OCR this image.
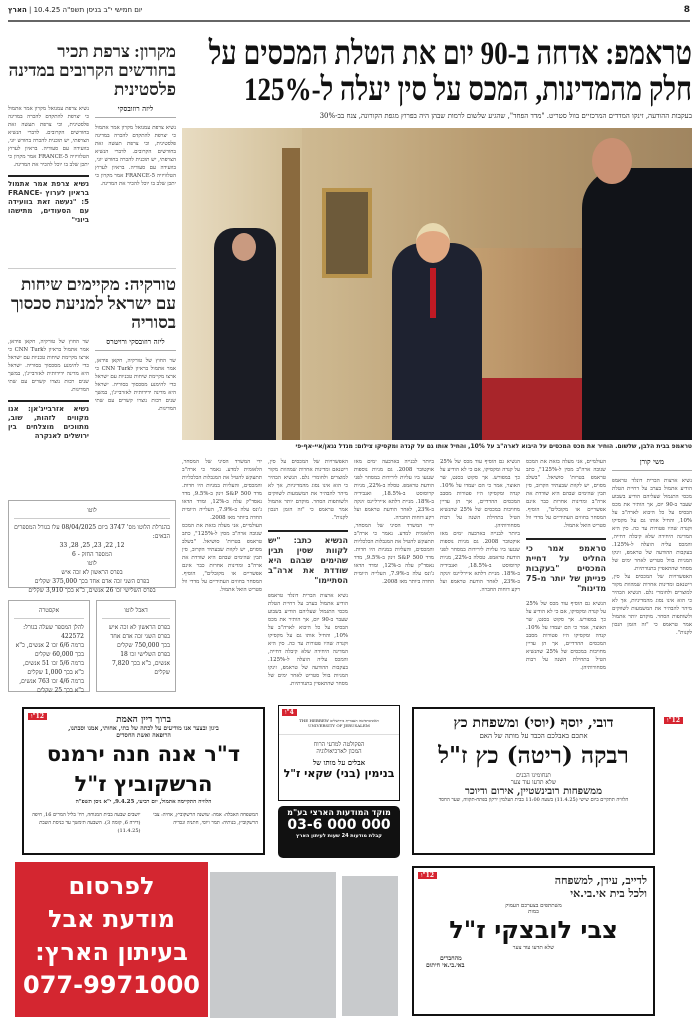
8
יום חמישי י"ב בניסן תשפ"ה 10.4.25 | הארץ
טראמפ: אדחה ב-90 יום את הטלת המכסים על חלק מהמדינות, המכס על סין יעלה ל-125%
בעקבות ההודעה, זינקו המדדים המרכזיים בוול סטריט. "מדד הפחד", שהגיע שלשום לרמות שבהן היה בפרוץ מגפת הקורונה, צנח בב-30%
טראמפ בבית הלבן, שלשום. הוחיר את מכס המכסים על היבוא לארה"ב על 10%, והחיל אותו גם על קנדה ומקסיקו צילום: מנדל נגאן/איי-אף-פי
משי קורן

נשיא ארצות הברית דונלד טראמפ הודיע אתמול בערב על דחיית הטלת מכסי התגמול שעליהם הודיע בשבוע שעבר ב-90 יום, אך הותיר את מכס הבסיס על כל היבוא לארה"ב על 10%, והחיל אותו גם על מקסיקו וקנדה שהיו פטורות עד כה. סין היא המדינה היחידה שלא קיבלה דחייה, והמכס עליה הועלה ל-125%. בעקבות ההודעה של טראמפ, זינקו המניות בוול סטריט לאחר ימים של מסחר שהתאפיין בתנודתיות.

האפשרויות של המכסים על סין, וייטנאם ומדינות אחרות שמהוות מקור למוצרים ולחומרי גלם. הנשיא הבהיר כי הוא אינו נסוג מהמדיניות, אך לא מיהר להבהיר את המשמעות לשווקים ולשותפות הסחר. מוקדם יותר אתמול אמר טראמפ כי "זה הזמן הנכון לקנות".

העולמיים, אני מעלה בזאת את המכס שגובה ארה"ב מסין ל-125%", כתב טראמפ בטרות' סושיאל. "בשלב מסוים, יש לקוות שבעתיד הקרוב, סין תבין שהימים שבהם היא שודדת את ארה"ב ומדינות אחרות כבר אינם אפשריים או מקובלים", הוסיף. המסחר בחוזים העתידיים על מדדי וול סטריט הואל אתמול.

טראמפ אמר כי החליט על דחיית המכסים "בעקבות פנייתן של יותר מ-75 מדינות"

הנשיא גם הוסיף עוד מכס של 25% על קנדה ומקסיקו, אם כי לא הודיע על כך במפורש. אך סקוט בסנט, שר האוצר, אמר כי הם יעמדו על 10%. קנדה ומקסיקו היו פטורות מסבב המכסים ההדדיים, אך הן עדיין מחויבות במכסים של 25% שהנשיא הטיל בתחילת השנה על רבות מסחורותיהן.

הנשיא גם הוסיף עוד מכס של 25% על קנדה ומקסיקו, אם כי לא הודיע על כך במפורש. אך סקוט בסנט, שר האוצר, אמר כי הם יעמדו על 10%. קנדה ומקסיקו היו פטורות מסבב המכסים ההדדיים, אך הן עדיין מחויבות במכסים של 25% שהנשיא הטיל בתחילת השנה על רבות מסחורותיהן.

ביותר לבנייה בארבעה ימים מאז אוקטובר 2008. גם מניות נוספות שנגעו ביו עליות לירידות במסחר לפני הודעת טראמפ. טסלה ב-22%, מניות קרוסוסט ב-18.5%, ואנבידיה ב-18%. מניית דלתא איירליינס זינקה ב-23%, לאחר הודעת טראמפ ועל רקע דוחות החברה.

ביותר לבנייה בארבעה ימים מאז אוקטובר 2008. גם מניות נוספות שנגעו ביו עליות לירידות במסחר לפני הודעת טראמפ. טסלה ב-22%, מניות קרוסוסט ב-18.5%, ואנבידיה ב-18%. מניית דלתא איירליינס זינקה ב-23%, לאחר הודעת טראמפ ועל רקע דוחות החברה.

ידי המשרד הסיני של המסחר, הלאומית למדע. נאמר כי ארה"ב תתעקש להטיל את המגבלות הכלכליות והמכסים, והעליות במניות היו חדות. מדד S&P 500 זינק ב-9.5%, מדד נאסד"ק עלה ב-12%, ומדד הדאו ג'ונס עלה ב-7.9%, העלייה היומית החדה ביותר מאז 2008.

האפשרויות של המכסים על סין, וייטנאם ומדינות אחרות שמהוות מקור למוצרים ולחומרי גלם. הנשיא הבהיר כי הוא אינו נסוג מהמדיניות, אך לא מיהר להבהיר את המשמעות לשווקים ולשותפות הסחר. מוקדם יותר אתמול אמר טראמפ כי "זה הזמן הנכון לקנות".

הנשיא כתב: "יש לקוות שסין תבין שהימים שבהם היא שודדת את ארה"ב הסתיימו"

נשיא ארצות הברית דונלד טראמפ הודיע אתמול בערב על דחיית הטלת מכסי התגמול שעליהם הודיע בשבוע שעבר ב-90 יום, אך הותיר את מכס הבסיס על כל היבוא לארה"ב על 10%, והחיל אותו גם על מקסיקו וקנדה שהיו פטורות עד כה. סין היא המדינה היחידה שלא קיבלה דחייה, והמכס עליה הועלה ל-125%. בעקבות ההודעה של טראמפ, זינקו המניות בוול סטריט לאחר ימים של מסחר שהתאפיין בתנודתיות.

ידי המשרד הסיני של המסחר, הלאומית למדע. נאמר כי ארה"ב תתעקש להטיל את המגבלות הכלכליות והמכסים, והעליות במניות היו חדות. מדד S&P 500 זינק ב-9.5%, מדד נאסד"ק עלה ב-12%, ומדד הדאו ג'ונס עלה ב-7.9%, העלייה היומית החדה ביותר מאז 2008.

העולמיים, אני מעלה בזאת את המכס שגובה ארה"ב מסין ל-125%", כתב טראמפ בטרות' סושיאל. "בשלב מסוים, יש לקוות שבעתיד הקרוב, סין תבין שהימים שבהם היא שודדת את ארה"ב ומדינות אחרות כבר אינם אפשריים או מקובלים", הוסיף. המסחר בחוזים העתידיים על מדדי וול סטריט הואל אתמול.

מקרון: צרפת תכיר בחודשים הקרובים במדינה פלסטינית
ליזה רוזובסקי

נשיא צרפת עמנואל מקרון אמר אתמול כי יצרפת להתקדם להכרה במדינה פלסטינית, וכי צרפת תעשה זאת בחודשים הקרובים. לדברי הנשיא הצרפתי, יש תוכנית להכרה בחודש יוני, בוועידה עם סעודיה. בראיון לערוץ הטלוויזיה FRANCE-5 אמר מקרון כי יתכן שלב בו יוכל להכיר את המדינה.

נשיא צרפת עמנואל מקרון אמר אתמול כי יצרפת להתקדם להכרה במדינה פלסטינית, וכי צרפת תעשה זאת בחודשים הקרובים. לדברי הנשיא הצרפתי, יש תוכנית להכרה בחודש יוני, בוועידה עם סעודיה. בראיון לערוץ הטלוויזיה FRANCE-5 אמר מקרון כי יתכן שלב בו יוכל להכיר את המדינה.

נשיא צרפת אמר אתמול בראיון לערוץ FRANCE-5: "נעשה זאת בוועידה עם הסעודים, מתישהו ביוני"
טורקיה: מקיימים שיחות עם ישראל למניעת סכסוך בסוריה
ליזה רוזובסקי ורויטרס

שר החוץ של טורקיה, חקאן פידאן, אמר אתמול בראיון לCNN Turk כי ארצו מקיימת שיחות טכניות עם ישראל כדי להימנע מסכסוך בסוריה. ישראל היא מדינה ידידותית לאזרבייג'ן, במשך שנים רבות נוצרו קשרים עם שתי המדינות.

שר החוץ של טורקיה, חקאן פידאן, אמר אתמול בראיון לCNN Turk כי ארצו מקיימת שיחות טכניות עם ישראל כדי להימנע מסכסוך בסוריה. ישראל היא מדינה ידידותית לאזרבייג'ן, במשך שנים רבות נוצרו קשרים עם שתי המדינות.

נשיא אזרבייג'אן: אנו מקווים לזהות, שוב, מתווכים מוצלחים בין ירושלים לאנקרה
לוטו
בהגרלת הלוטו מס' 3747 ביום 08/04/2025 עלו בגורל המספרים הבאים:
12, 22, 23, 25, 28, 33
המספר החזק - 6
לוטו
בפרס הראשון לא זכה איש
בפרס השני זכה אדם אחד בכך 375,000 שקלים
בפרס השלישי זכו 26 אנשים, כ"א בכך 3,910 שקלים
דאבל לוטו
בפרס הראשון לא זכה איש
בפרס השני זכה אדם אחד בכך 750,000 שקלים
בפרס השלישי זכו 18 אנשים, כ"א בכך 7,820 שקלים
אקסטרה
להלן המספר שעלה בגורל: 422572
ברמה 6/6 זכו 2 אנשים, כ"א בכך 60,000 שקלים
ברמה 5/6 זכו 51 אנשים, כ"א בכך 1,000 שקלים
ברמה 4/6 זכו 763 אנשים, כ"א בכך 25 שקלים
12"ו	ברוך דיין האמת
ביגון ובצער אנו מודיעים על לכתה של בתי, אחותי, אמנו וסבתנו,
הרופאה ואשת החסדים
ד"ר אנה חנה ירמנס הרשקוביץ ז"ל
הלוויה התקיימה אתמול, יום רביעי, 9.4.25, י"א ניסן תשפ"ה
המשפחה האבלה: אמה: שושנה הרשקוביץ, אחיה: צבי הרשקוביץ, בנותיה: תמר ויוסי, חתניה ונכדיה
יושבים שבעה בבית המנוחה, רח' בליל המרים 16, חיפה (דירה 6, קומה 3). השבעה תימשך עד כניסת השבת (11.4.25)
4"ו
האוניברסיטה העברית בירושלים THE HEBREW UNIVERSITY OF JERUSALEM
הפקולטה למדעי הרוח
המכון לארכיאולוגיה
אבלים על מותו של
בנימין (בני) שקאי ז"ל
מוקד המודעות הארצי בע"מ
03-6 000 000
קבלת מודעות 24 שעות לעיתון הארץ
12"ו
דובי, יוסף (יוסי) ומשפחת כץ
אתכם באבלכם הכבד על מותה של האם
רבקה (ריטה) כץ ז"ל
תנחומינו הכנים
שלא תדעו עוד צער
ממשפחות רובינשטיין, אירום ודיוכר
הלוויה תתקיים ביום שישי (11.4.25) בשעה 11:00 בבית העלמין ירקון בפתח-תקווה, שער החסד
לפרסום
מודעת אבל
בעיתון הארץ:
077-9971000
12"ו	לדייב, עידן, למשפחה
ולכל בית אי.בי.אי
משתתפים בצערכם העמוק
במות
צבי לובצקי ז"ל
שלא תדעו עוד צער
מהחברים
באי.בי.אי חיתום
